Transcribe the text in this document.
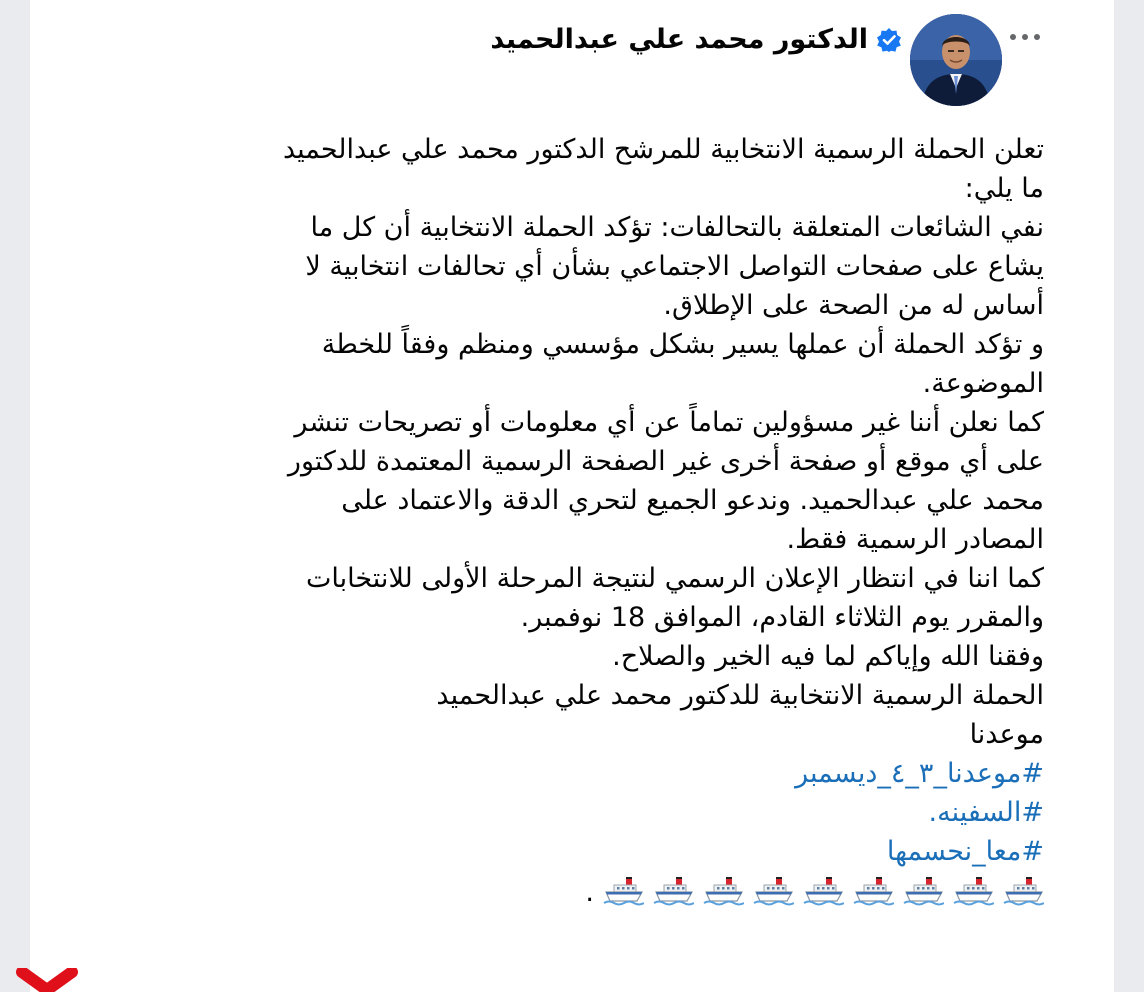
الدكتور محمد علي عبدالحميد
تعلن الحملة الرسمية الانتخابية للمرشح الدكتور محمد علي عبدالحميد
ما يلي:
نفي الشائعات المتعلقة بالتحالفات: تؤكد الحملة الانتخابية أن كل ما
يشاع على صفحات التواصل الاجتماعي بشأن أي تحالفات انتخابية لا
أساس له من الصحة على الإطلاق.
و تؤكد الحملة أن عملها يسير بشكل مؤسسي ومنظم وفقاً للخطة
الموضوعة.
كما نعلن أننا غير مسؤولين تماماً عن أي معلومات أو تصريحات تنشر
على أي موقع أو صفحة أخرى غير الصفحة الرسمية المعتمدة للدكتور
محمد علي عبدالحميد. وندعو الجميع لتحري الدقة والاعتماد على
المصادر الرسمية فقط.
كما اننا في انتظار الإعلان الرسمي لنتيجة المرحلة الأولى للانتخابات
والمقرر يوم الثلاثاء القادم، الموافق 18 نوفمبر.
وفقنا الله وإياكم لما فيه الخير والصلاح.
الحملة الرسمية الانتخابية للدكتور محمد علي عبدالحميد
موعدنا
#موعدنا_٣_٤_ديسمبر
#السفينه.
#معا_نحسمها
.
